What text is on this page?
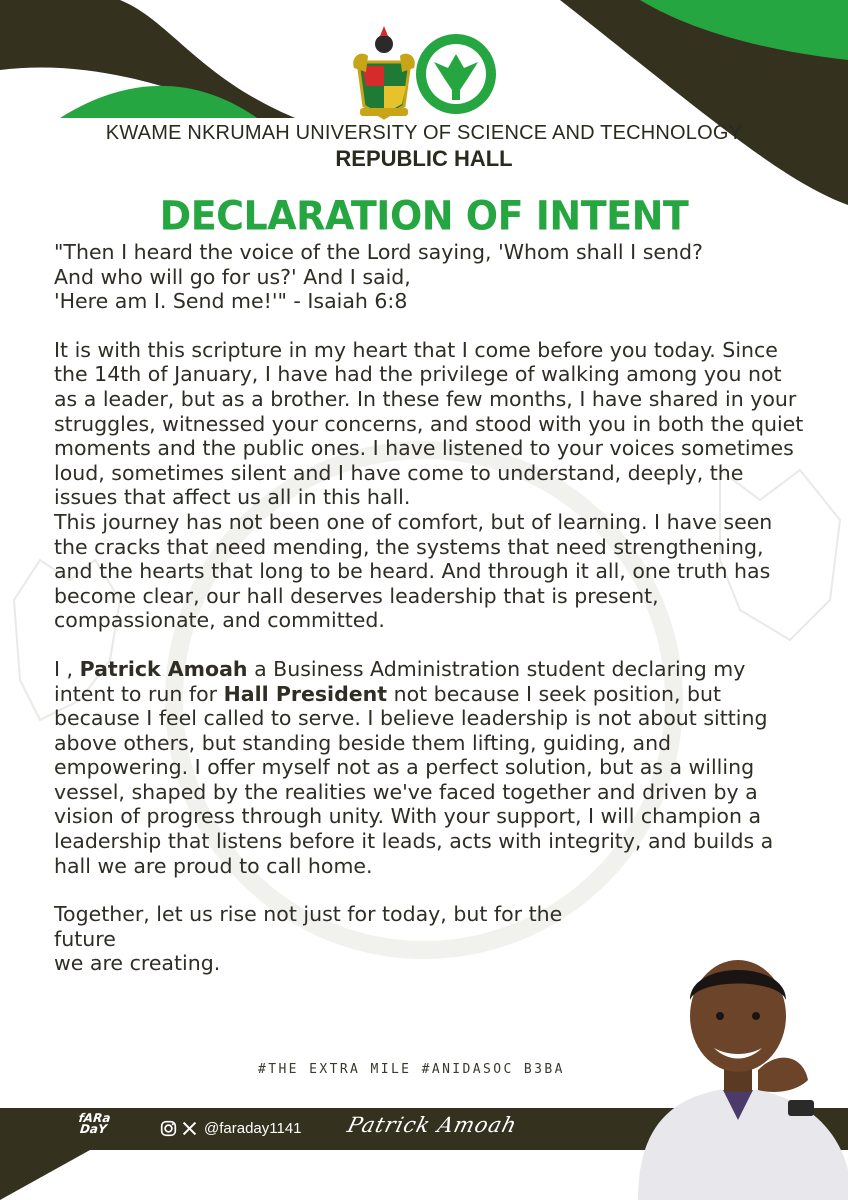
KWAME NKRUMAH UNIVERSITY OF SCIENCE AND TECHNOLOGY
REPUBLIC HALL
DECLARATION OF INTENT

"Then I heard the voice of the Lord saying, 'Whom shall I send?

And who will go for us?' And I said,

'Here am I. Send me!'" - Isaiah 6:8

It is with this scripture in my heart that I come before you today. Since the 14th of January, I have had the privilege of walking among you not as a leader, but as a brother. In these few months, I have shared in your struggles, witnessed your concerns, and stood with you in both the quiet moments and the public ones. I have listened to your voices sometimes loud, sometimes silent and I have come to understand, deeply, the issues that affect us all in this hall.

This journey has not been one of comfort, but of learning. I have seen the cracks that need mending, the systems that need strengthening, and the hearts that long to be heard. And through it all, one truth has become clear, our hall deserves leadership that is present, compassionate, and committed.

I , Patrick Amoah a Business Administration student declaring my intent to run for Hall President not because I seek position, but because I feel called to serve. I believe leadership is not about sitting above others, but standing beside them lifting, guiding, and empowering. I offer myself not as a perfect solution, but as a willing vessel, shaped by the realities we've faced together and driven by a vision of progress through unity. With your support, I will champion a leadership that listens before it leads, acts with integrity, and builds a hall we are proud to call home.

Together, let us rise not just for today, but for the

future

we are creating.

#THE EXTRA MILE #ANIDASOC B3BA
fARa
DaY	@faraday1141 Patrick Amoah
